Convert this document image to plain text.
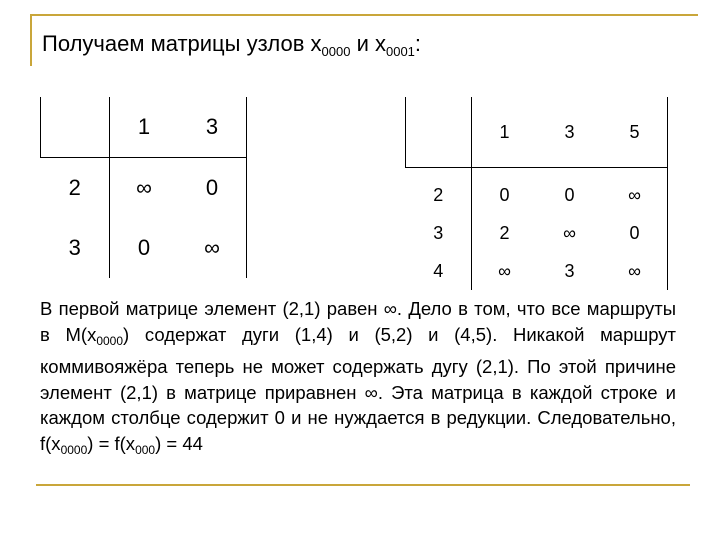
Получаем матрицы узлов $x_{0000}$ и $x_{0001}$:
	1	3
2	∞	0
3	0	∞
	1	3	5
2	0	0	∞
3	2	∞	0
4	∞	3	∞
В первой матрице элемент (2,1) равен ∞. Дело в том, что все маршруты в $M(x_{0000})$ содержат дуги (1,4) и (5,2) и (4,5). Никакой маршрут коммивояжёра теперь не может содержать дугу (2,1). По этой причине элемент (2,1) в матрице приравнен ∞. Эта матрица в каждой строке и каждом столбце содержит 0 и не нуждается в редукции. Следовательно, $f(x_{0000}) = f(x_{000}) = 44$
